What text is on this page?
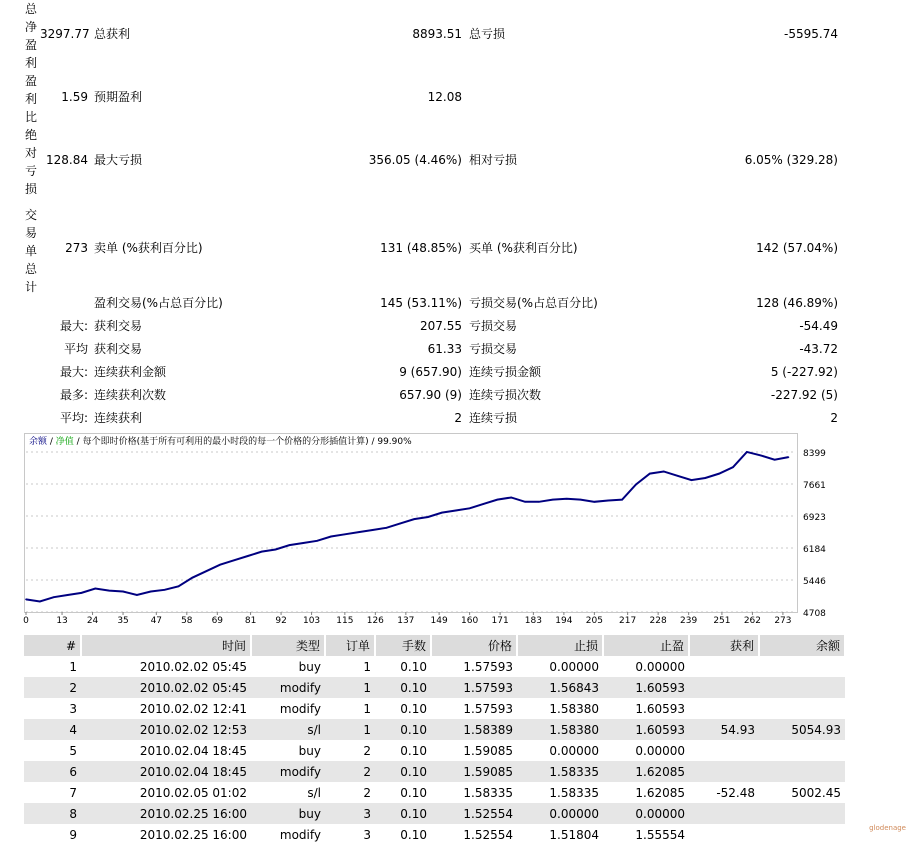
总净盈利
3297.77 总获利	8893.51 总亏损	-5595.74
盈利比
1.59 预期盈利	12.08
绝对亏损
128.84 最大亏损	356.05 (4.46%) 相对亏损	6.05% (329.28)
交易单总计
273 卖单 (%获利百分比)	131 (48.85%) 买单 (%获利百分比)	142 (57.04%)
盈利交易(%占总百分比)	145 (53.11%) 亏损交易(%占总百分比)	128 (46.89%)
最大: 获利交易	207.55 亏损交易	-54.49
平均 获利交易	61.33 亏损交易	-43.72
最大: 连续获利金额	9 (657.90) 连续亏损金额	5 (-227.92)
最多: 连续获利次数	657.90 (9) 连续亏损次数	-227.92 (5)
平均: 连续获利	2 连续亏损	2
余额 / 净值 / 每个即时价格(基于所有可利用的最小时段的每一个价格的分形插值计算) / 99.90%
8399
7661
6923
6184
5446
4708
0	13 24 35 47 58 69 81 92 103 115 126 137 149 160 171 183 194 205 217 228 239 251 262 273
#	时间	类型	订单	手数	价格	止损	止盈	获利	余额
1	2010.02.02 05:45	buy	1	0.10	1.57593	0.00000	0.00000		
2	2010.02.02 05:45	modify	1	0.10	1.57593	1.56843	1.60593		
3	2010.02.02 12:41	modify	1	0.10	1.57593	1.58380	1.60593		
4	2010.02.02 12:53	s/l	1	0.10	1.58389	1.58380	1.60593	54.93	5054.93
5	2010.02.04 18:45	buy	2	0.10	1.59085	0.00000	0.00000		
6	2010.02.04 18:45	modify	2	0.10	1.59085	1.58335	1.62085		
7	2010.02.05 01:02	s/l	2	0.10	1.58335	1.58335	1.62085	-52.48	5002.45
8	2010.02.25 16:00	buy	3	0.10	1.52554	0.00000	0.00000		
9	2010.02.25 16:00	modify	3	0.10	1.52554	1.51804	1.55554			glodenage
